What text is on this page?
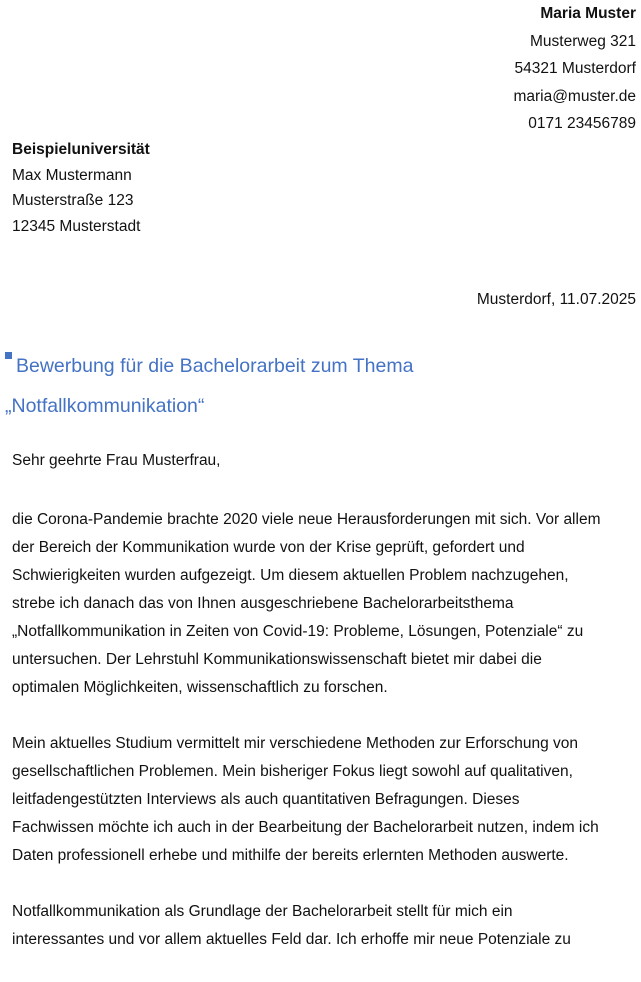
Maria Muster
Musterweg 321
54321 Musterdorf
maria@muster.de
0171 23456789
Beispieluniversität
Max Mustermann
Musterstraße 123
12345 Musterstadt
Musterdorf, 11.07.2025
Bewerbung für die Bachelorarbeit zum Thema
„Notfallkommunikation“
Sehr geehrte Frau Musterfrau,

die Corona-Pandemie brachte 2020 viele neue Herausforderungen mit sich. Vor allem
der Bereich der Kommunikation wurde von der Krise geprüft, gefordert und
Schwierigkeiten wurden aufgezeigt. Um diesem aktuellen Problem nachzugehen,
strebe ich danach das von Ihnen ausgeschriebene Bachelorarbeitsthema
„Notfallkommunikation in Zeiten von Covid-19: Probleme, Lösungen, Potenziale“ zu
untersuchen. Der Lehrstuhl Kommunikationswissenschaft bietet mir dabei die
optimalen Möglichkeiten, wissenschaftlich zu forschen.

Mein aktuelles Studium vermittelt mir verschiedene Methoden zur Erforschung von
gesellschaftlichen Problemen. Mein bisheriger Fokus liegt sowohl auf qualitativen,
leitfadengestützten Interviews als auch quantitativen Befragungen. Dieses
Fachwissen möchte ich auch in der Bearbeitung der Bachelorarbeit nutzen, indem ich
Daten professionell erhebe und mithilfe der bereits erlernten Methoden auswerte.

Notfallkommunikation als Grundlage der Bachelorarbeit stellt für mich ein
interessantes und vor allem aktuelles Feld dar. Ich erhoffe mir neue Potenziale zu
